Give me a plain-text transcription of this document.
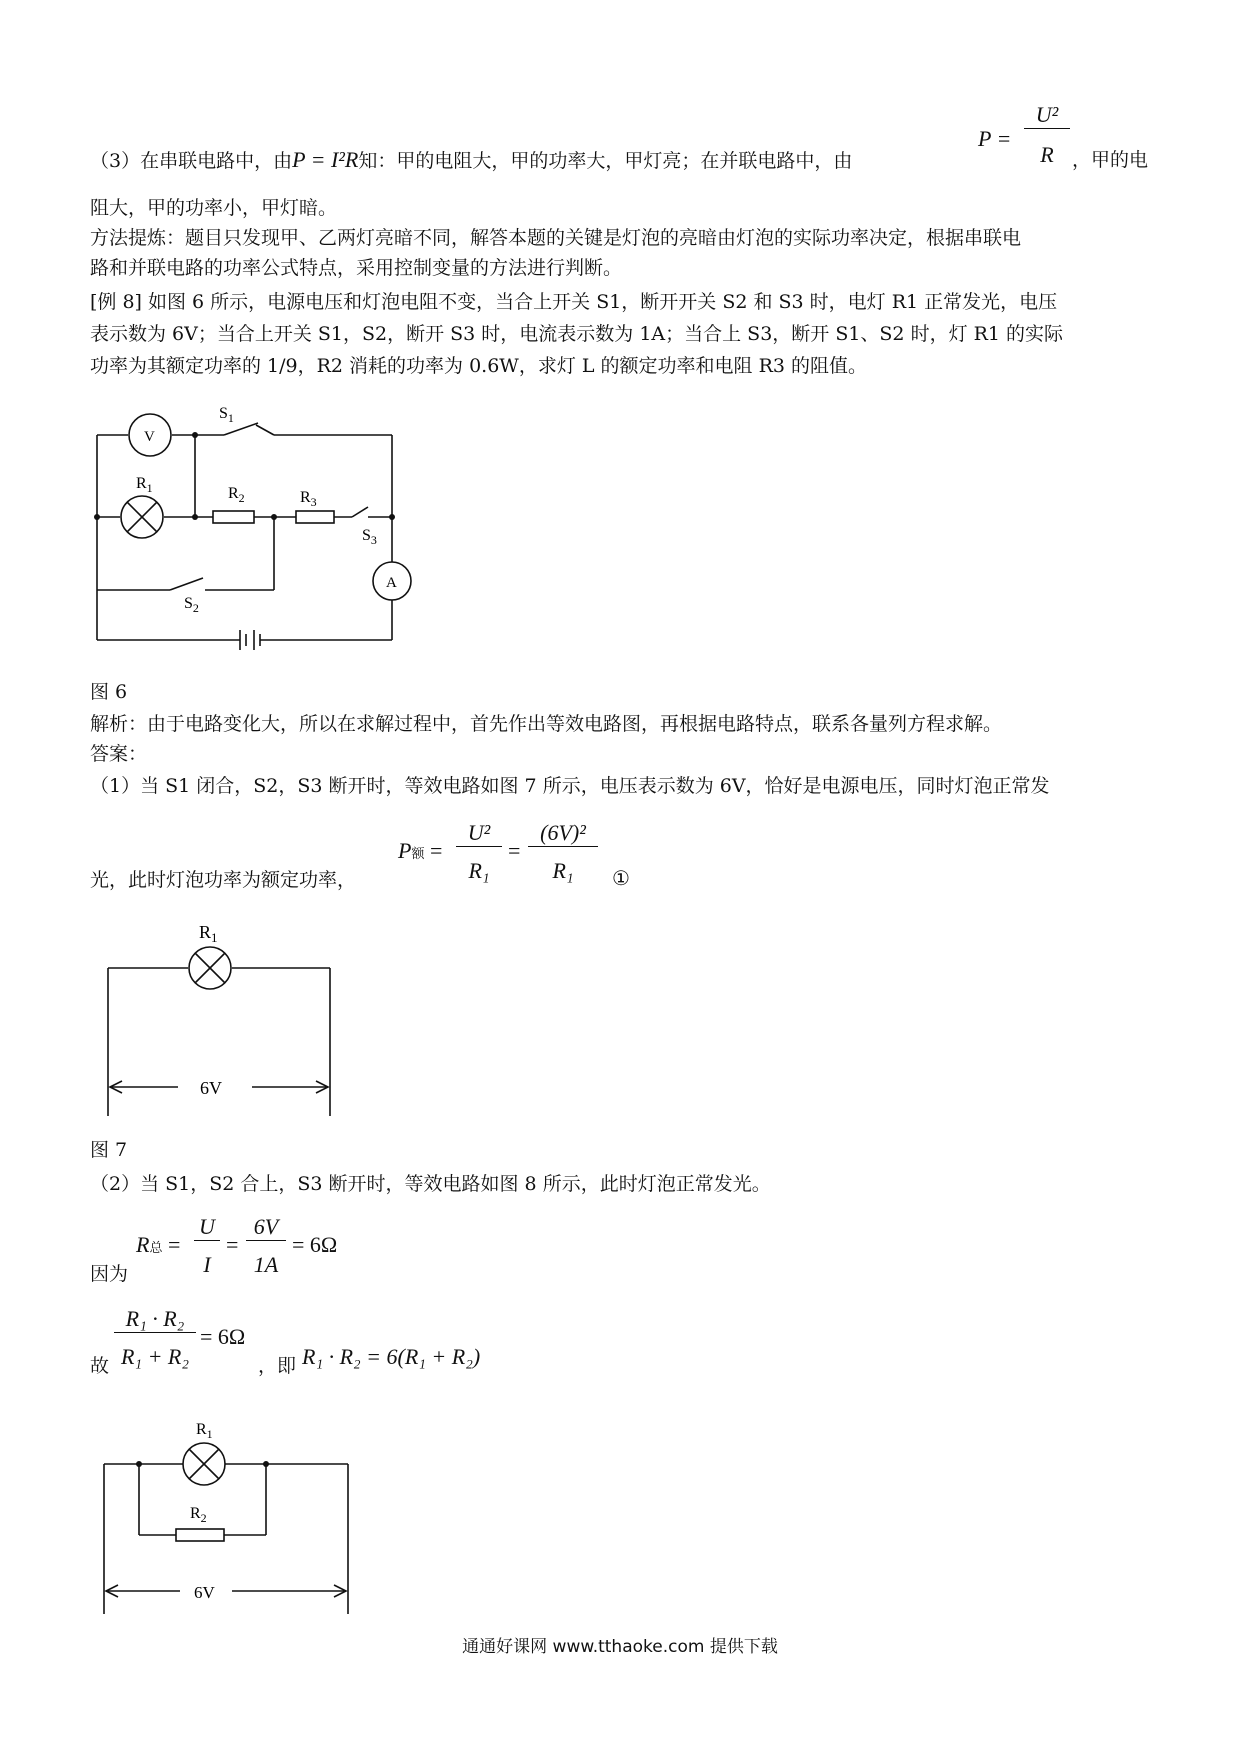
（3）在串联电路中，由P = I²R知：甲的电阻大，甲的功率大，甲灯亮；在并联电路中，由
P =
U²
R ，甲的电
阻大，甲的功率小，甲灯暗。
方法提炼：题目只发现甲、乙两灯亮暗不同，解答本题的关键是灯泡的亮暗由灯泡的实际功率决定，根据串联电
路和并联电路的功率公式特点，采用控制变量的方法进行判断。
[例 8] 如图 6 所示，电源电压和灯泡电阻不变，当合上开关 S1，断开开关 S2 和 S3 时，电灯 R1 正常发光，电压
表示数为 6V；当合上开关 S1，S2，断开 S3 时，电流表示数为 1A；当合上 S3，断开 S1、S2 时，灯 R1 的实际
功率为其额定功率的 1/9，R2 消耗的功率为 0.6W，求灯 L 的额定功率和电阻 R3 的阻值。
V
A
$S_1$
$S_2$
$S_3$
$R_1$	$R_2$	$R_3$
图 6
解析：由于电路变化大，所以在求解过程中，首先作出等效电路图，再根据电路特点，联系各量列方程求解。
答案：
（1）当 S1 闭合，S2，S3 断开时，等效电路如图 7 所示，电压表示数为 6V，恰好是电源电压，同时灯泡正常发
光，此时灯泡功率为额定功率，
P额 =
U²
R₁
=
(6V)²
R₁	①
$R_1$
6V
图 7
（2）当 S1，S2 合上，S3 断开时，等效电路如图 8 所示，此时灯泡正常发光。
因为
R总 =
U
I
=
6V
1A
= 6Ω
故
R₁ · R₂
R₁ + R₂
= 6Ω
，即 R₁ · R₂ = 6(R₁ + R₂)
$R_1$
$R_2$
6V
通通好课网 www.tthaoke.com 提供下载
